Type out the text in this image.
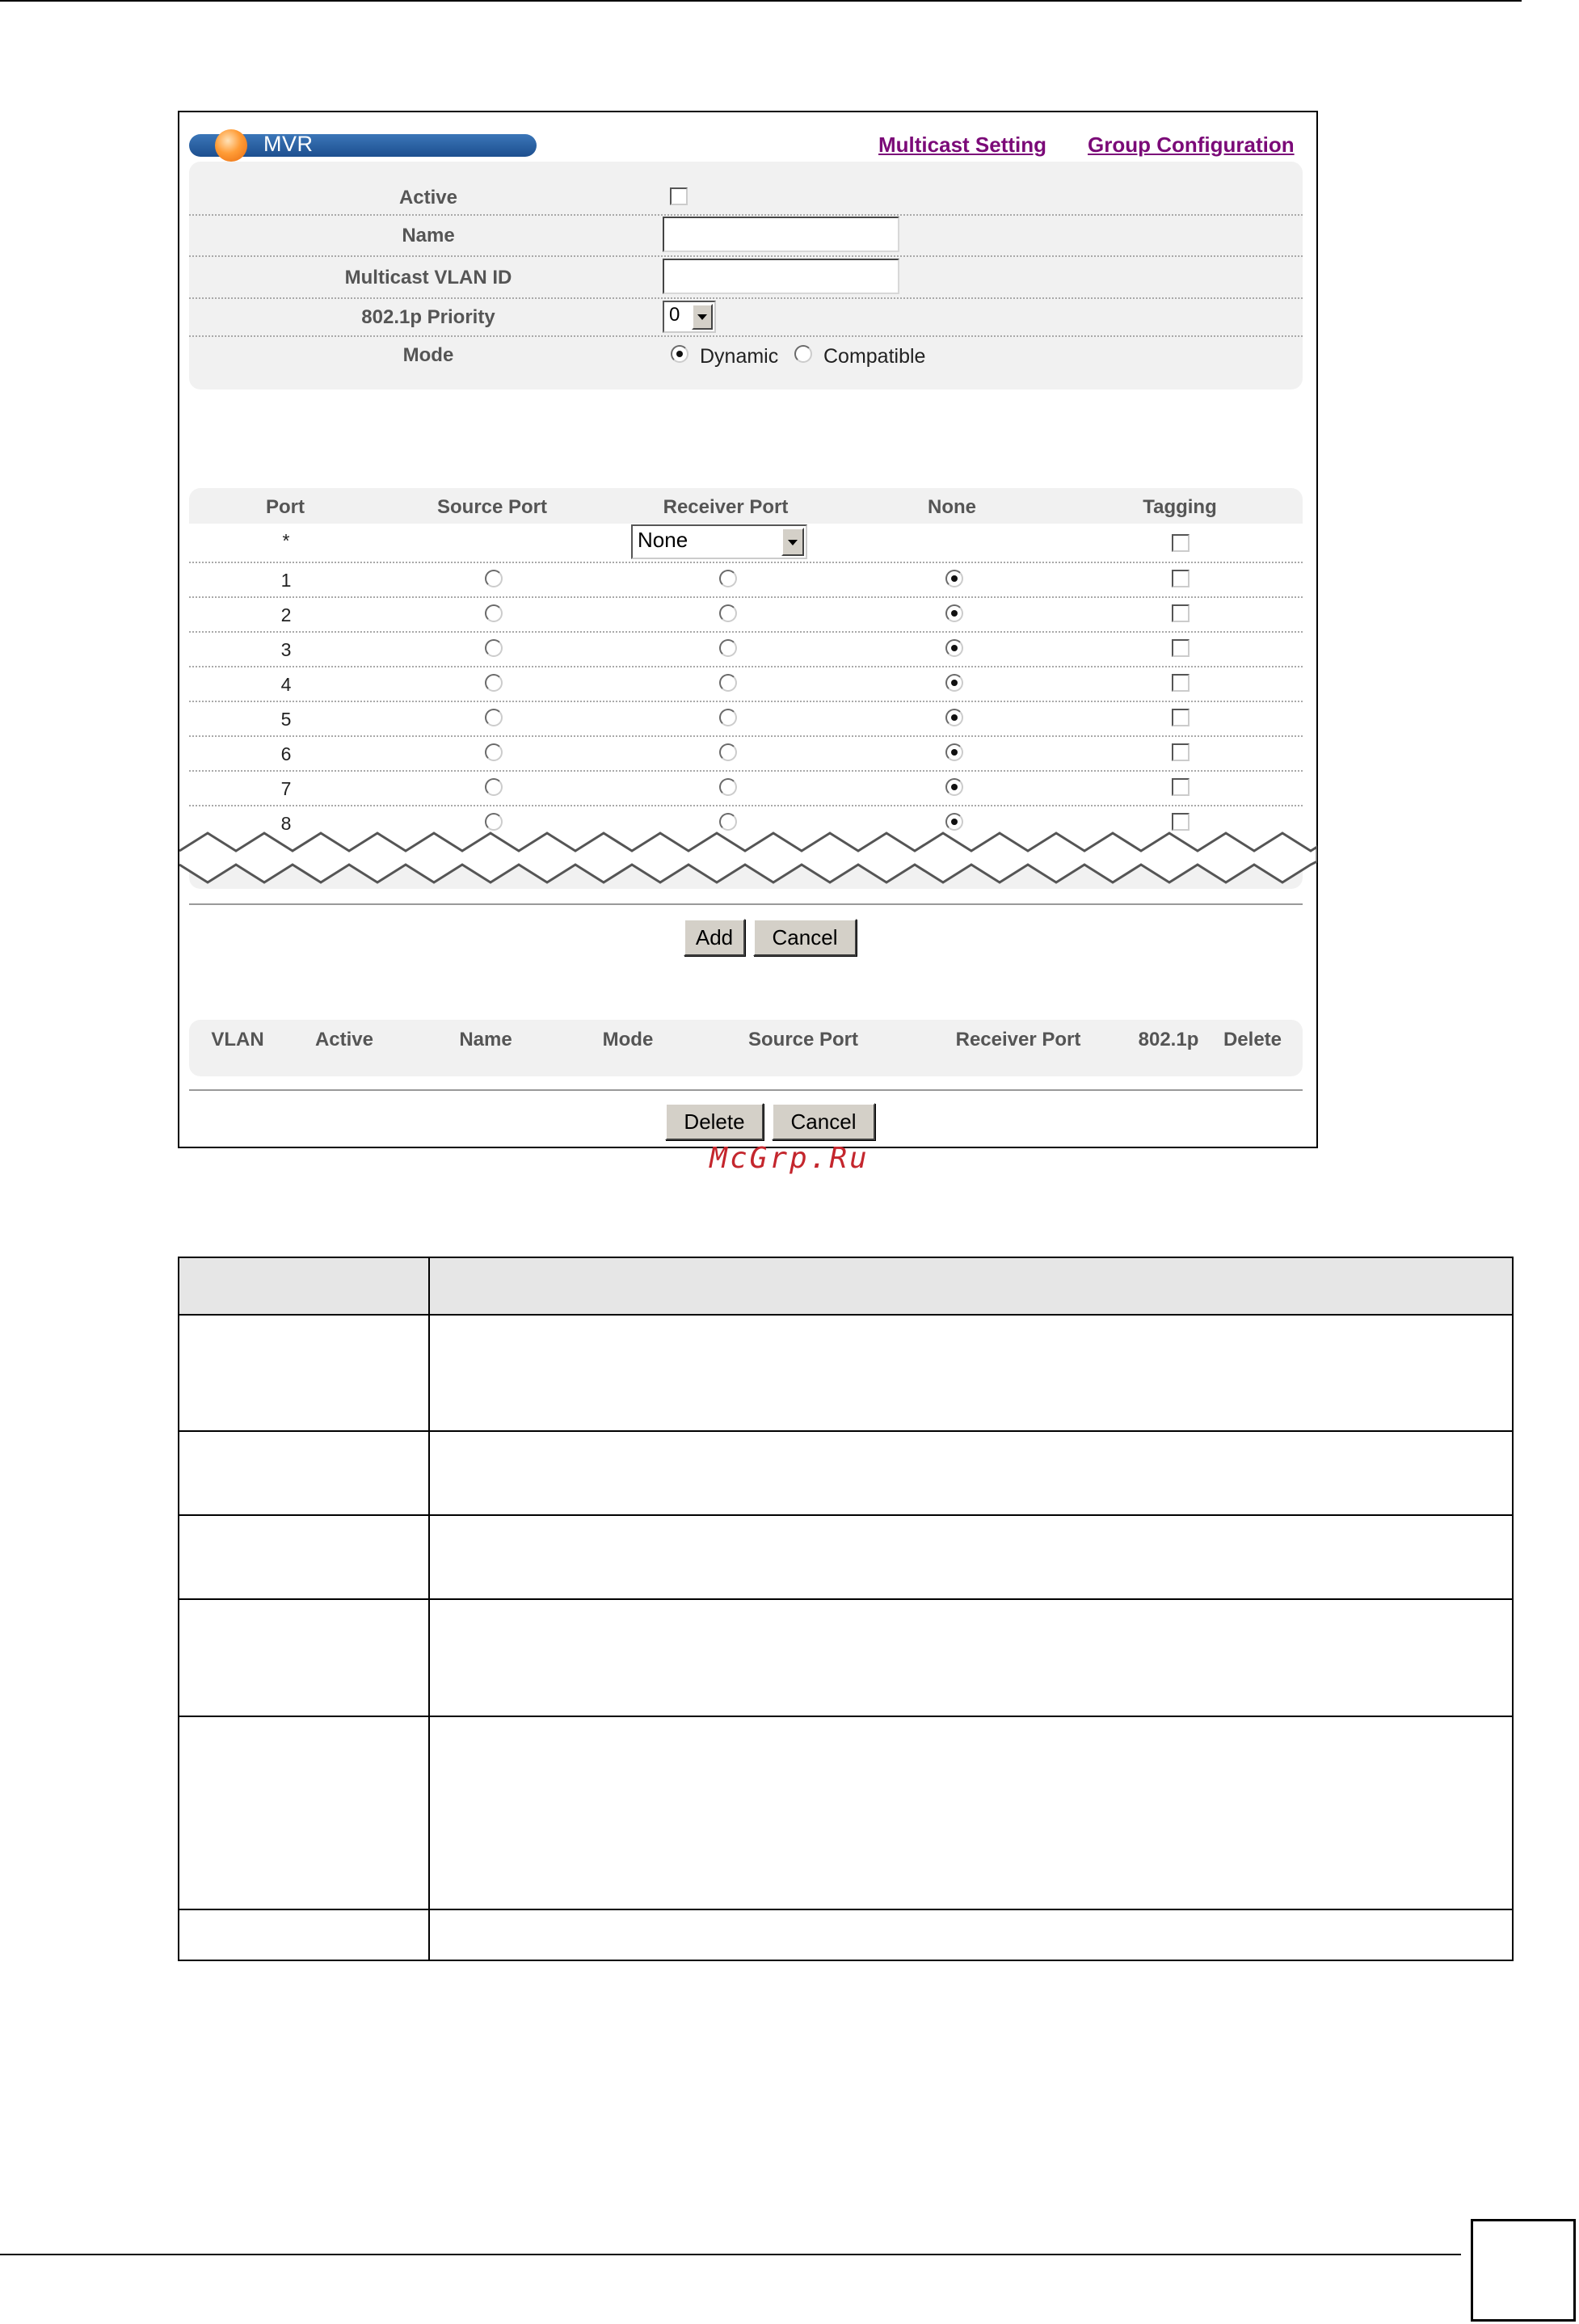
MVR	Multicast Setting Group Configuration
Active
Name
Multicast VLAN ID
802.1p Priority	0
Mode	Dynamic Compatible
Port	Source Port	Receiver Port	None	Tagging
*	None
1
2
3
4
5
6
7
8
Add	Cancel
VLAN	Active	Name	Mode	Source Port	Receiver Port	802.1p	Delete
Delete	Cancel
McGrp.Ru
